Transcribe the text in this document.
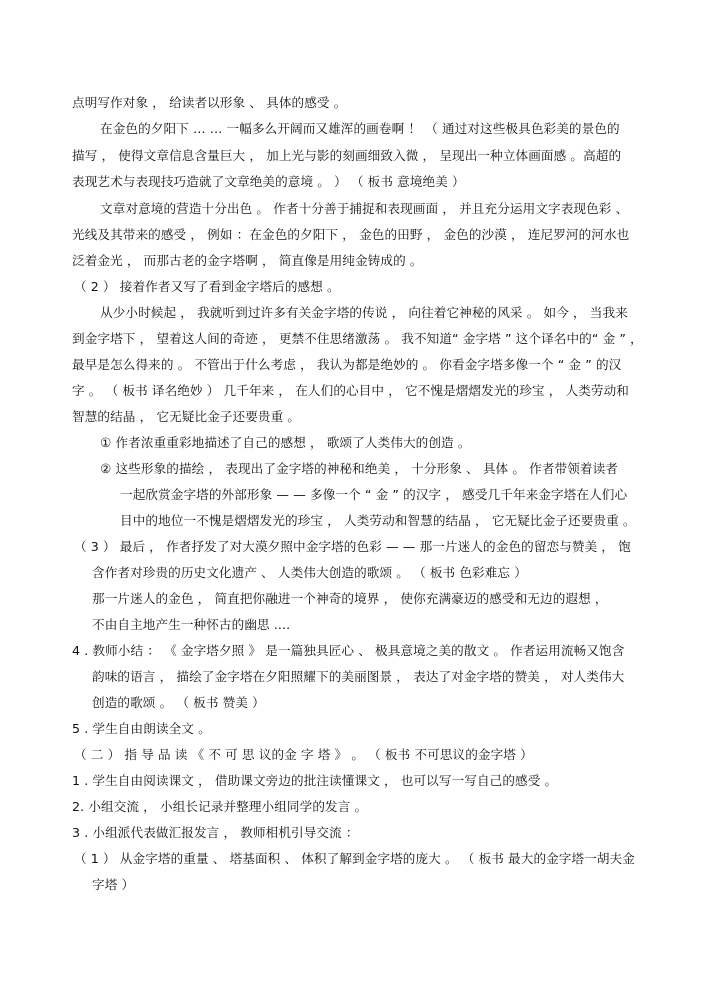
点明写作对象 ， 给读者以形象 、 具体的感受 。
在金色的夕阳下 … … 一幅多么开阔而又雄浑的画卷啊 ！ （ 通过对这些极具色彩美的景色的
描写 ， 使得文章信息含量巨大 ， 加上光与影的刻画细致入微 ， 呈现出一种立体画面感 。高超的
表现艺术与表现技巧造就了文章绝美的意境 。 ） （ 板书 意境绝美 ）
文章对意境的营造十分出色 。 作者十分善于捕捉和表现画面 ， 并且充分运用文字表现色彩 、
光线及其带来的感受 ， 例如 ：在金色的夕阳下 ， 金色的田野 ， 金色的沙漠 ， 连尼罗河的河水也
泛着金光 ， 而那古老的金字塔啊 ， 简直像是用纯金铸成的 。
（ 2 ） 接着作者又写了看到金字塔后的感想 。
从少小时候起 ， 我就听到过许多有关金字塔的传说 ， 向往着它神秘的风采 。 如今 ， 当我来
到金字塔下 ， 望着这人间的奇迹 ， 更禁不住思绪激荡 。 我不知道“ 金字塔 ” 这个译名中的“ 金 ” ，
最早是怎么得来的 。 不管出于什么考虑 ， 我认为都是绝妙的 。 你看金字塔多像一个 “ 金 ” 的汉
字 。 （ 板书 译名绝妙 ） 几千年来 ， 在人们的心目中 ， 它不愧是熠熠发光的珍宝 ， 人类劳动和
智慧的结晶 ， 它无疑比金子还要贵重 。
① 作者浓重重彩地描述了自己的感想 ， 歌颂了人类伟大的创造 。
② 这些形象的描绘 ， 表现出了金字塔的神秘和绝美 ， 十分形象 、 具体 。 作者带领着读者
一起欣赏金字塔的外部形象 — — 多像一个 “ 金 ” 的汉字 ， 感受几千年来金字塔在人们心
目中的地位一不愧是熠熠发光的珍宝 ， 人类劳动和智慧的结晶 ， 它无疑比金子还要贵重 。
（ 3 ） 最后 ， 作者抒发了对大漠夕照中金字塔的色彩 — — 那一片迷人的金色的留恋与赞美 ， 饱
含作者对珍贵的历史文化遗产 、 人类伟大创造的歌颂 。 （ 板书 色彩难忘 ）
那一片迷人的金色 ， 简直把你融进一个神奇的境界 ， 使你充满豪迈的感受和无边的遐想 ，
不由自主地产生一种怀古的幽思 ....
4 . 教师小结 ： 《 金字塔夕照 》 是一篇独具匠心 、 极具意境之美的散文 。 作者运用流畅又饱含
韵味的语言 ， 描绘了金字塔在夕阳照耀下的美丽图景 ， 表达了对金字塔的赞美 ， 对人类伟大
创造的歌颂 。 （ 板书 赞美 ）
5 . 学生自由朗读全文 。
（ 二 ） 指 导 品 读 《 不 可 思 议的金 字 塔 》 。 （ 板书 不可思议的金字塔 ）
1 . 学生自由阅读课文 ， 借助课文旁边的批注读懂课文 ， 也可以写一写自己的感受 。
2. 小组交流 ， 小组长记录并整理小组同学的发言 。
3 . 小组派代表做汇报发言 ， 教师相机引导交流 ：
（ 1 ） 从金字塔的重量 、 塔基面积 、 体积了解到金字塔的庞大 。 （ 板书 最大的金字塔一胡夫金
字塔 ）
